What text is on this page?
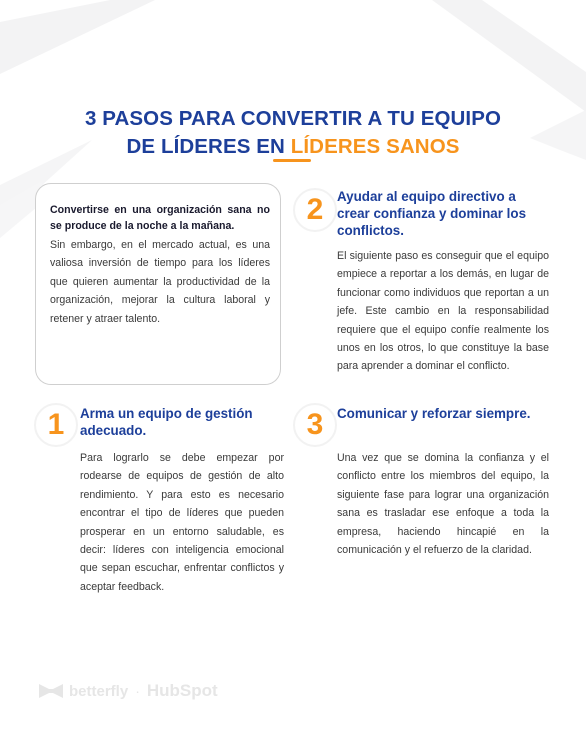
3 PASOS PARA CONVERTIR A TU EQUIPO
DE LÍDERES EN LÍDERES SANOS

Convertirse en una organización sana no se produce de la noche a la mañana.

Sin embargo, en el mercado actual, es una valiosa inversión de tiempo para los líderes que quieren aumentar la productividad de la organización, mejorar la cultura laboral y retener y atraer talento.

2	Ayudar al equipo directivo a crear confianza y dominar los conflictos.

El siguiente paso es conseguir que el equipo empiece a reportar a los demás, en lugar de funcionar como individuos que reportan a un jefe. Este cambio en la responsabilidad requiere que el equipo confíe realmente los unos en los otros, lo que constituye la base para aprender a dominar el conflicto.

1	Arma un equipo de gestión adecuado.

Para lograrlo se debe empezar por rodearse de equipos de gestión de alto rendimiento. Y para esto es necesario encontrar el tipo de líderes que pueden prosperar en un entorno saludable, es decir: líderes con inteligencia emocional que sepan escuchar, enfrentar conflictos y aceptar feedback.

3	Comunicar y reforzar siempre.

Una vez que se domina la confianza y el conflicto entre los miembros del equipo, la siguiente fase para lograr una organización sana es trasladar ese enfoque a toda la empresa, haciendo hincapié en la comunicación y el refuerzo de la claridad.

betterfly · HubSpot
